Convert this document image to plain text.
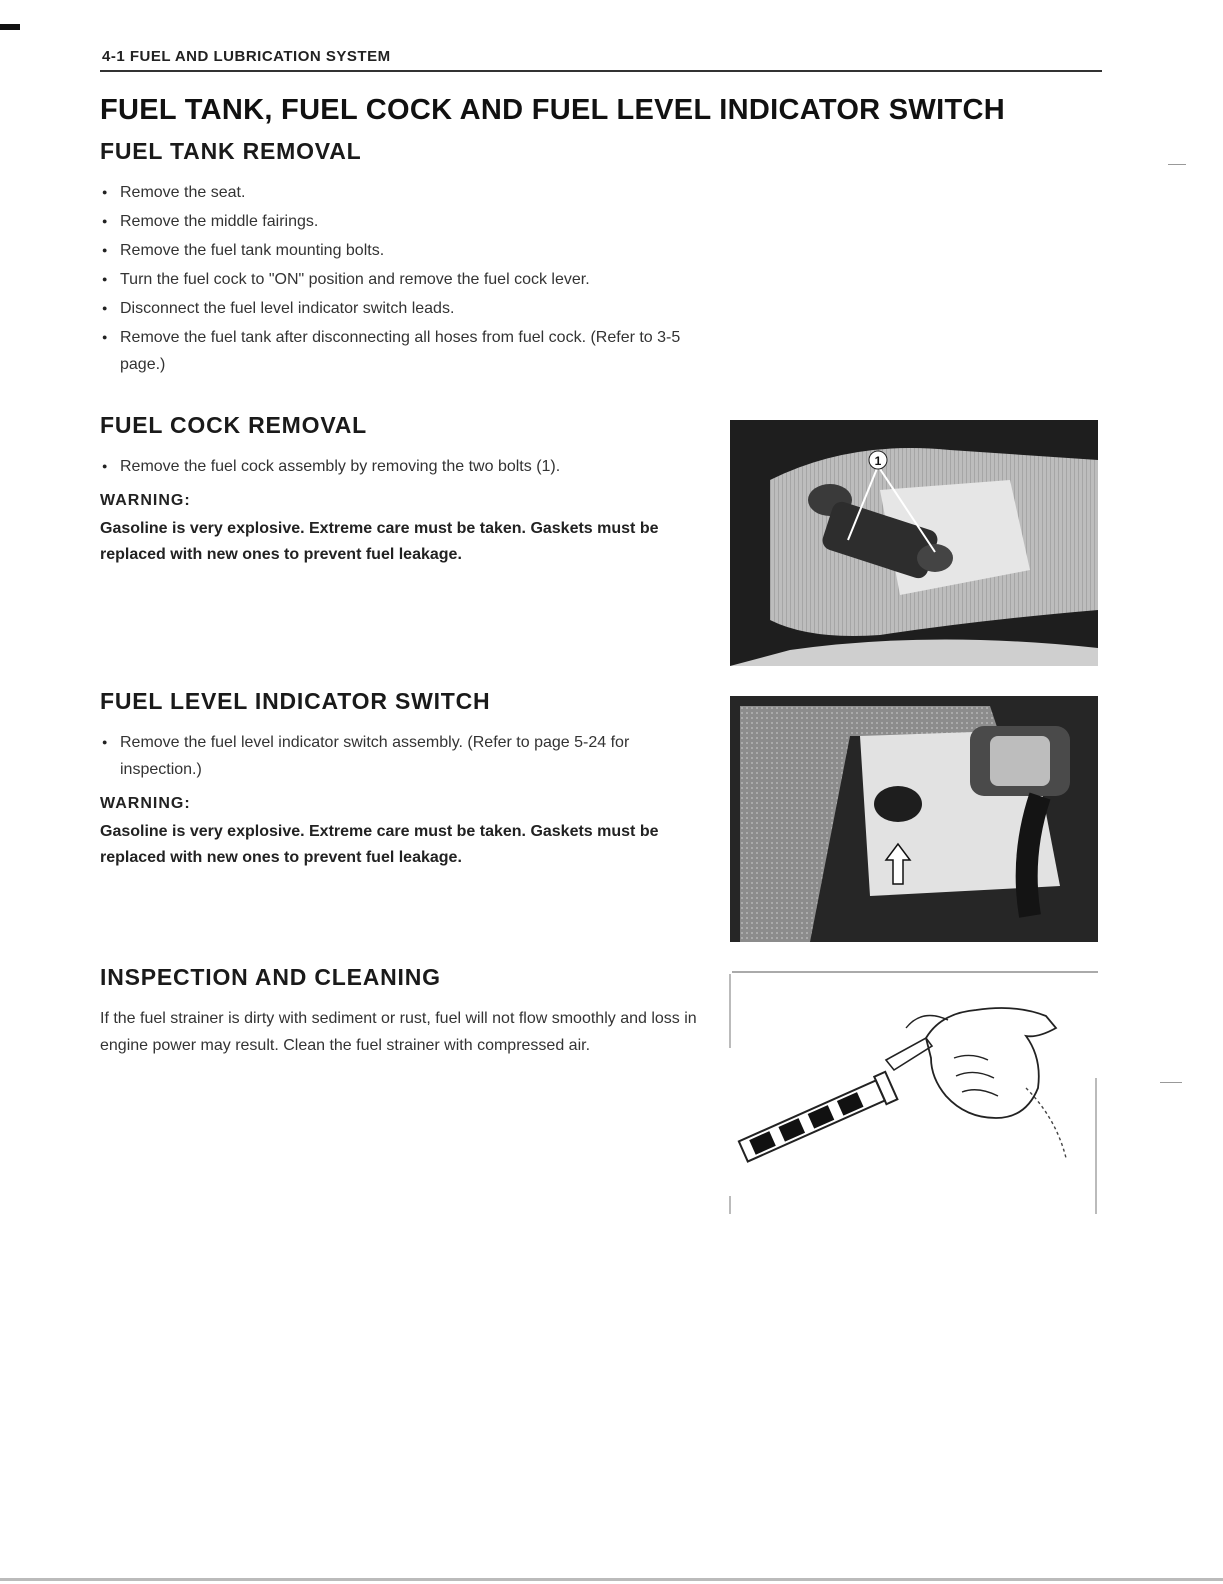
4-1 FUEL AND LUBRICATION SYSTEM
FUEL TANK, FUEL COCK AND FUEL LEVEL INDICATOR SWITCH
FUEL TANK REMOVAL
● Remove the seat.
● Remove the middle fairings.
● Remove the fuel tank mounting bolts.
● Turn the fuel cock to "ON" position and remove the fuel cock lever.
● Disconnect the fuel level indicator switch leads.
● Remove the fuel tank after disconnecting all hoses from fuel cock. (Refer to 3-5 page.)
FUEL COCK REMOVAL
● Remove the fuel cock assembly by removing the two bolts (1).
WARNING:

Gasoline is very explosive. Extreme care must be taken. Gaskets must be replaced with new ones to prevent fuel leakage.

FUEL LEVEL INDICATOR SWITCH
● Remove the fuel level indicator switch assembly. (Refer to page 5-24 for inspection.)
WARNING:

Gasoline is very explosive. Extreme care must be taken. Gaskets must be replaced with new ones to prevent fuel leakage.

INSPECTION AND CLEANING

If the fuel strainer is dirty with sediment or rust, fuel will not flow smoothly and loss in engine power may result. Clean the fuel strainer with compressed air.

1
